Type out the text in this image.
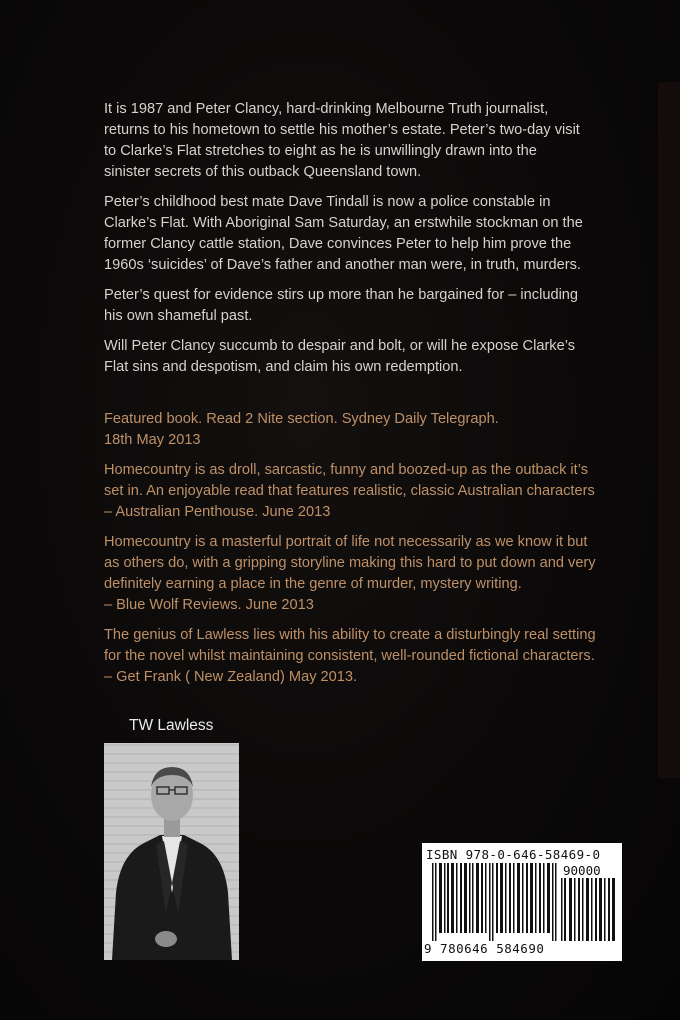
It is 1987 and Peter Clancy, hard-drinking Melbourne Truth journalist, returns to his hometown to settle his mother’s estate. Peter’s two-day visit to Clarke’s Flat stretches to eight as he is unwillingly drawn into the sinister secrets of this outback Queensland town.

Peter’s childhood best mate Dave Tindall is now a police constable in Clarke’s Flat. With Aboriginal Sam Saturday, an erstwhile stockman on the former Clancy cattle station, Dave convinces Peter to help him prove the 1960s ‘suicides’ of Dave’s father and another man were, in truth, murders.

Peter’s quest for evidence stirs up more than he bargained for – including his own shameful past.

Will Peter Clancy succumb to despair and bolt, or will he expose Clarke’s Flat sins and despotism, and claim his own redemption.

Featured book. Read 2 Nite section. Sydney Daily Telegraph.
18th May 2013

Homecountry is as droll, sarcastic, funny and boozed-up as the outback it’s set in. An enjoyable read that features realistic, classic Australian characters
– Australian Penthouse. June 2013

Homecountry is a masterful portrait of life not necessarily as we know it but as others do, with a gripping storyline making this hard to put down and very definitely earning a place in the genre of murder, mystery writing.
– Blue Wolf Reviews. June 2013

The genius of Lawless lies with his ability to create a disturbingly real setting for the novel whilst maintaining consistent, well-rounded fictional characters.
– Get Frank ( New Zealand) May 2013.

TW Lawless
ISBN 978-0-646-58469-0
90000
9 780646 584690
